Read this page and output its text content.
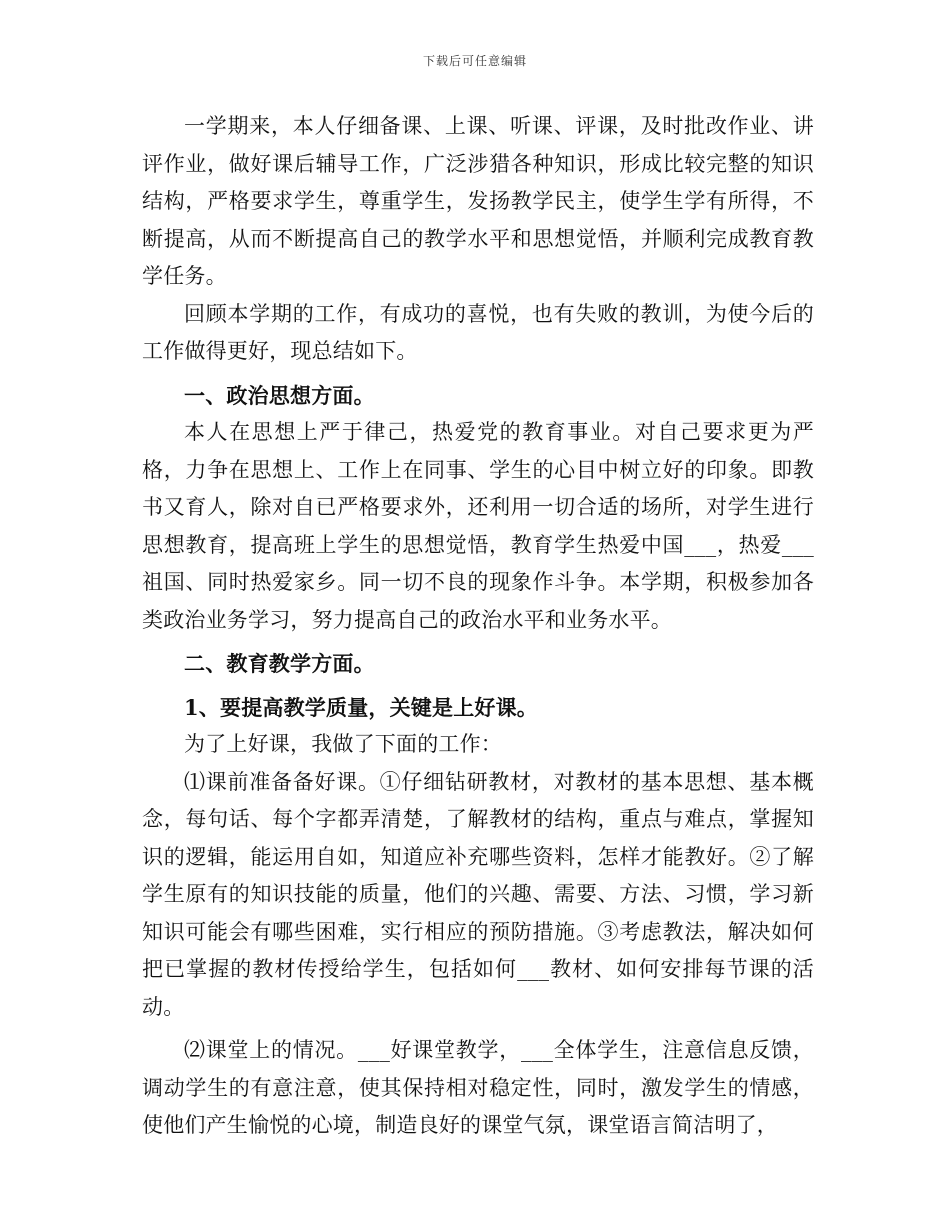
下载后可任意编辑

一学期来，本人仔细备课、上课、听课、评课，及时批改作业、讲评作业，做好课后辅导工作，广泛涉猎各种知识，形成比较完整的知识结构，严格要求学生，尊重学生，发扬教学民主，使学生学有所得，不断提高，从而不断提高自己的教学水平和思想觉悟，并顺利完成教育教学任务。

回顾本学期的工作，有成功的喜悦，也有失败的教训，为使今后的工作做得更好，现总结如下。

一、政治思想方面。

本人在思想上严于律己，热爱党的教育事业。对自己要求更为严格，力争在思想上、工作上在同事、学生的心目中树立好的印象。即教书又育人，除对自已严格要求外，还利用一切合适的场所，对学生进行思想教育，提高班上学生的思想觉悟，教育学生热爱中国___，热爱___祖国、同时热爱家乡。同一切不良的现象作斗争。本学期，积极参加各类政治业务学习，努力提高自己的政治水平和业务水平。

二、教育教学方面。

1、要提高教学质量，关键是上好课。

为了上好课，我做了下面的工作：

⑴课前准备备好课。①仔细钻研教材，对教材的基本思想、基本概念，每句话、每个字都弄清楚，了解教材的结构，重点与难点，掌握知识的逻辑，能运用自如，知道应补充哪些资料，怎样才能教好。②了解学生原有的知识技能的质量，他们的兴趣、需要、方法、习惯，学习新知识可能会有哪些困难，实行相应的预防措施。③考虑教法，解决如何把已掌握的教材传授给学生，包括如何___教材、如何安排每节课的活动。

⑵课堂上的情况。___好课堂教学，___全体学生，注意信息反馈，调动学生的有意注意，使其保持相对稳定性，同时，激发学生的情感，使他们产生愉悦的心境，制造良好的课堂气氛，课堂语言简洁明了，
